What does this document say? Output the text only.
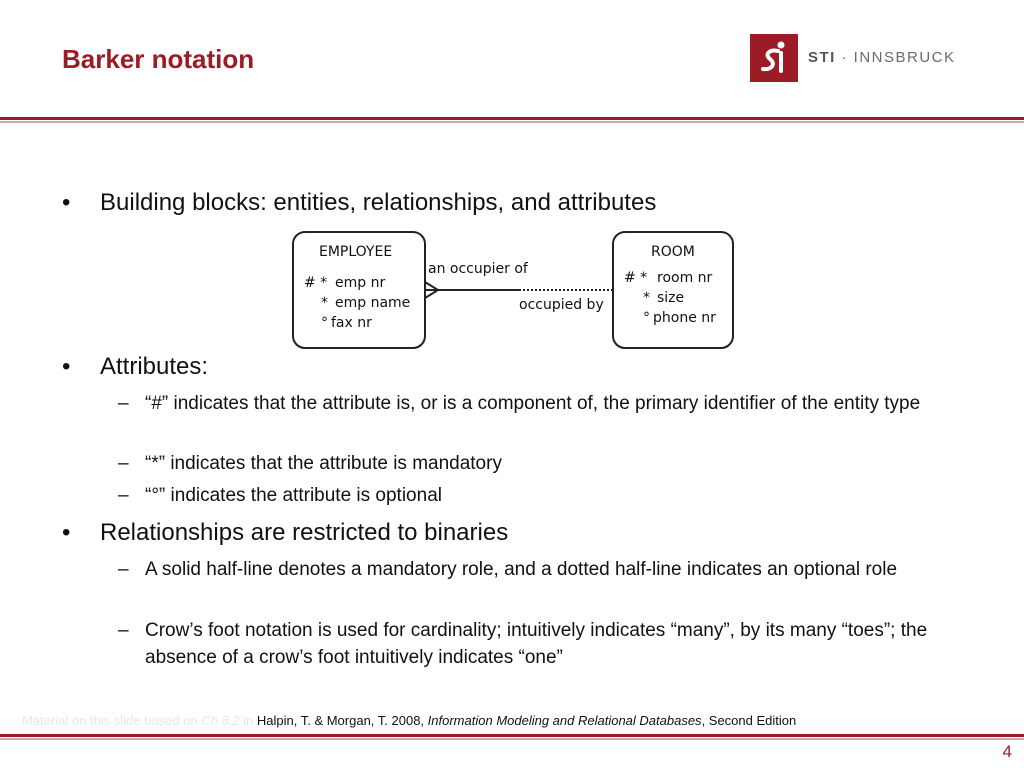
Barker notation	STI · INNSBRUCK
• Building blocks: entities, relationships, and attributes
EMPLOYEE
# * emp nr
* emp name
° fax nr
ROOM
# * room nr
* size
° phone nr
an occupier of
occupied by
• Attributes:
– “#” indicates that the attribute is, or is a component of, the primary identifier of the entity type
– “*” indicates that the attribute is mandatory
– “°” indicates the attribute is optional
• Relationships are restricted to binaries
– A solid half-line denotes a mandatory role, and a dotted half-line indicates an optional role
– Crow’s foot notation is used for cardinality; intuitively indicates “many”, by its many “toes”; the absence of a crow’s foot intuitively indicates “one”
Material on this slide based on Ch 8.2 in Halpin, T. & Morgan, T. 2008, Information Modeling and Relational Databases, Second Edition
4
